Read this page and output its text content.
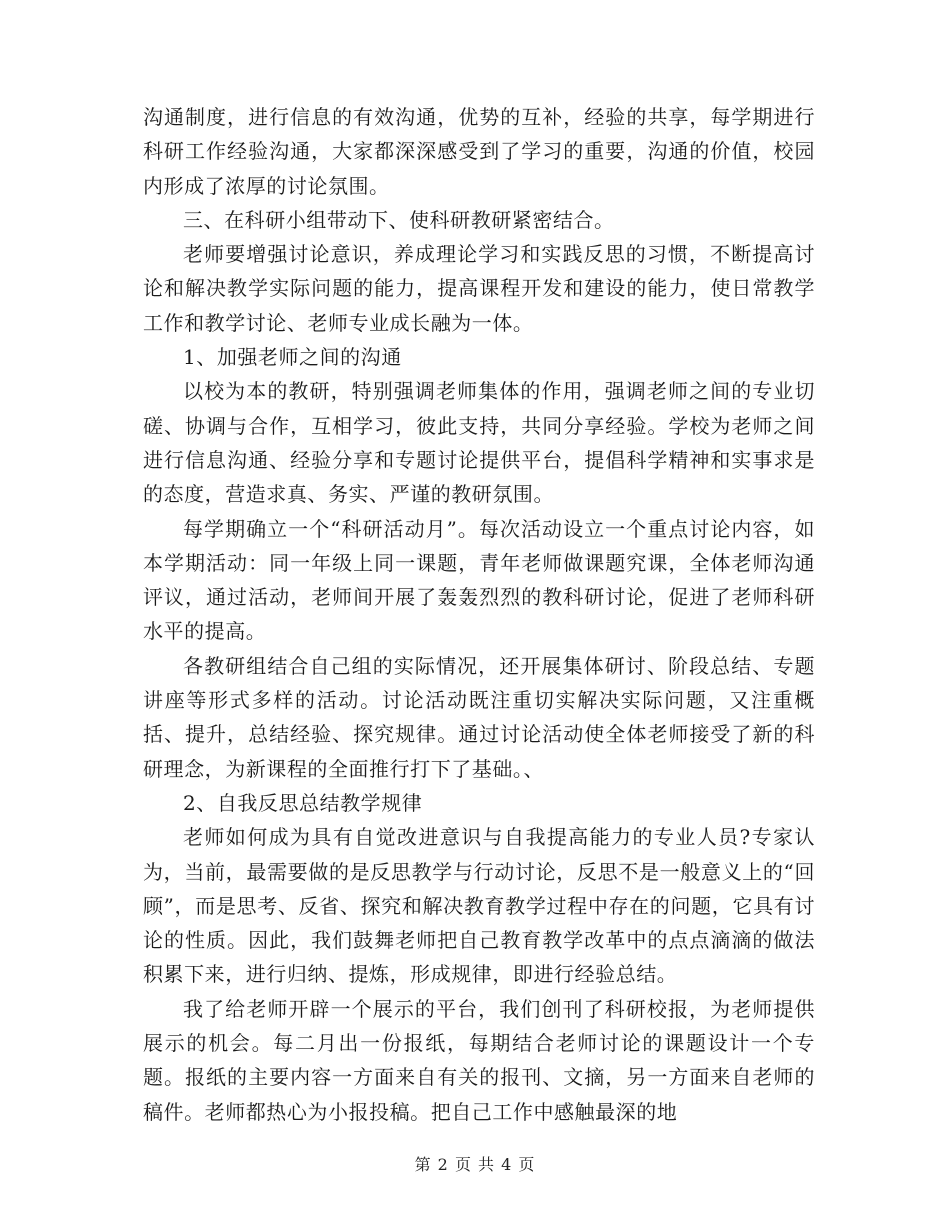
沟通制度，进行信息的有效沟通，优势的互补，经验的共享，每学期进行科研工作经验沟通，大家都深深感受到了学习的重要，沟通的价值，校园内形成了浓厚的讨论氛围。

三、在科研小组带动下、使科研教研紧密结合。

老师要增强讨论意识，养成理论学习和实践反思的习惯，不断提高讨论和解决教学实际问题的能力，提高课程开发和建设的能力，使日常教学工作和教学讨论、老师专业成长融为一体。

1、加强老师之间的沟通

以校为本的教研，特别强调老师集体的作用，强调老师之间的专业切磋、协调与合作，互相学习，彼此支持，共同分享经验。学校为老师之间进行信息沟通、经验分享和专题讨论提供平台，提倡科学精神和实事求是的态度，营造求真、务实、严谨的教研氛围。

每学期确立一个“科研活动月”。每次活动设立一个重点讨论内容，如本学期活动：同一年级上同一课题，青年老师做课题究课，全体老师沟通评议，通过活动，老师间开展了轰轰烈烈的教科研讨论，促进了老师科研水平的提高。

各教研组结合自己组的实际情况，还开展集体研讨、阶段总结、专题讲座等形式多样的活动。讨论活动既注重切实解决实际问题，又注重概括、提升，总结经验、探究规律。通过讨论活动使全体老师接受了新的科研理念，为新课程的全面推行打下了基础。、

2、自我反思总结教学规律

老师如何成为具有自觉改进意识与自我提高能力的专业人员?专家认为，当前，最需要做的是反思教学与行动讨论，反思不是一般意义上的“回顾”，而是思考、反省、探究和解决教育教学过程中存在的问题，它具有讨论的性质。因此，我们鼓舞老师把自己教育教学改革中的点点滴滴的做法积累下来，进行归纳、提炼，形成规律，即进行经验总结。

我了给老师开辟一个展示的平台，我们创刊了科研校报，为老师提供展示的机会。每二月出一份报纸，每期结合老师讨论的课题设计一个专题。报纸的主要内容一方面来自有关的报刊、文摘，另一方面来自老师的稿件。老师都热心为小报投稿。把自己工作中感触最深的地

第 2 页 共 4 页
